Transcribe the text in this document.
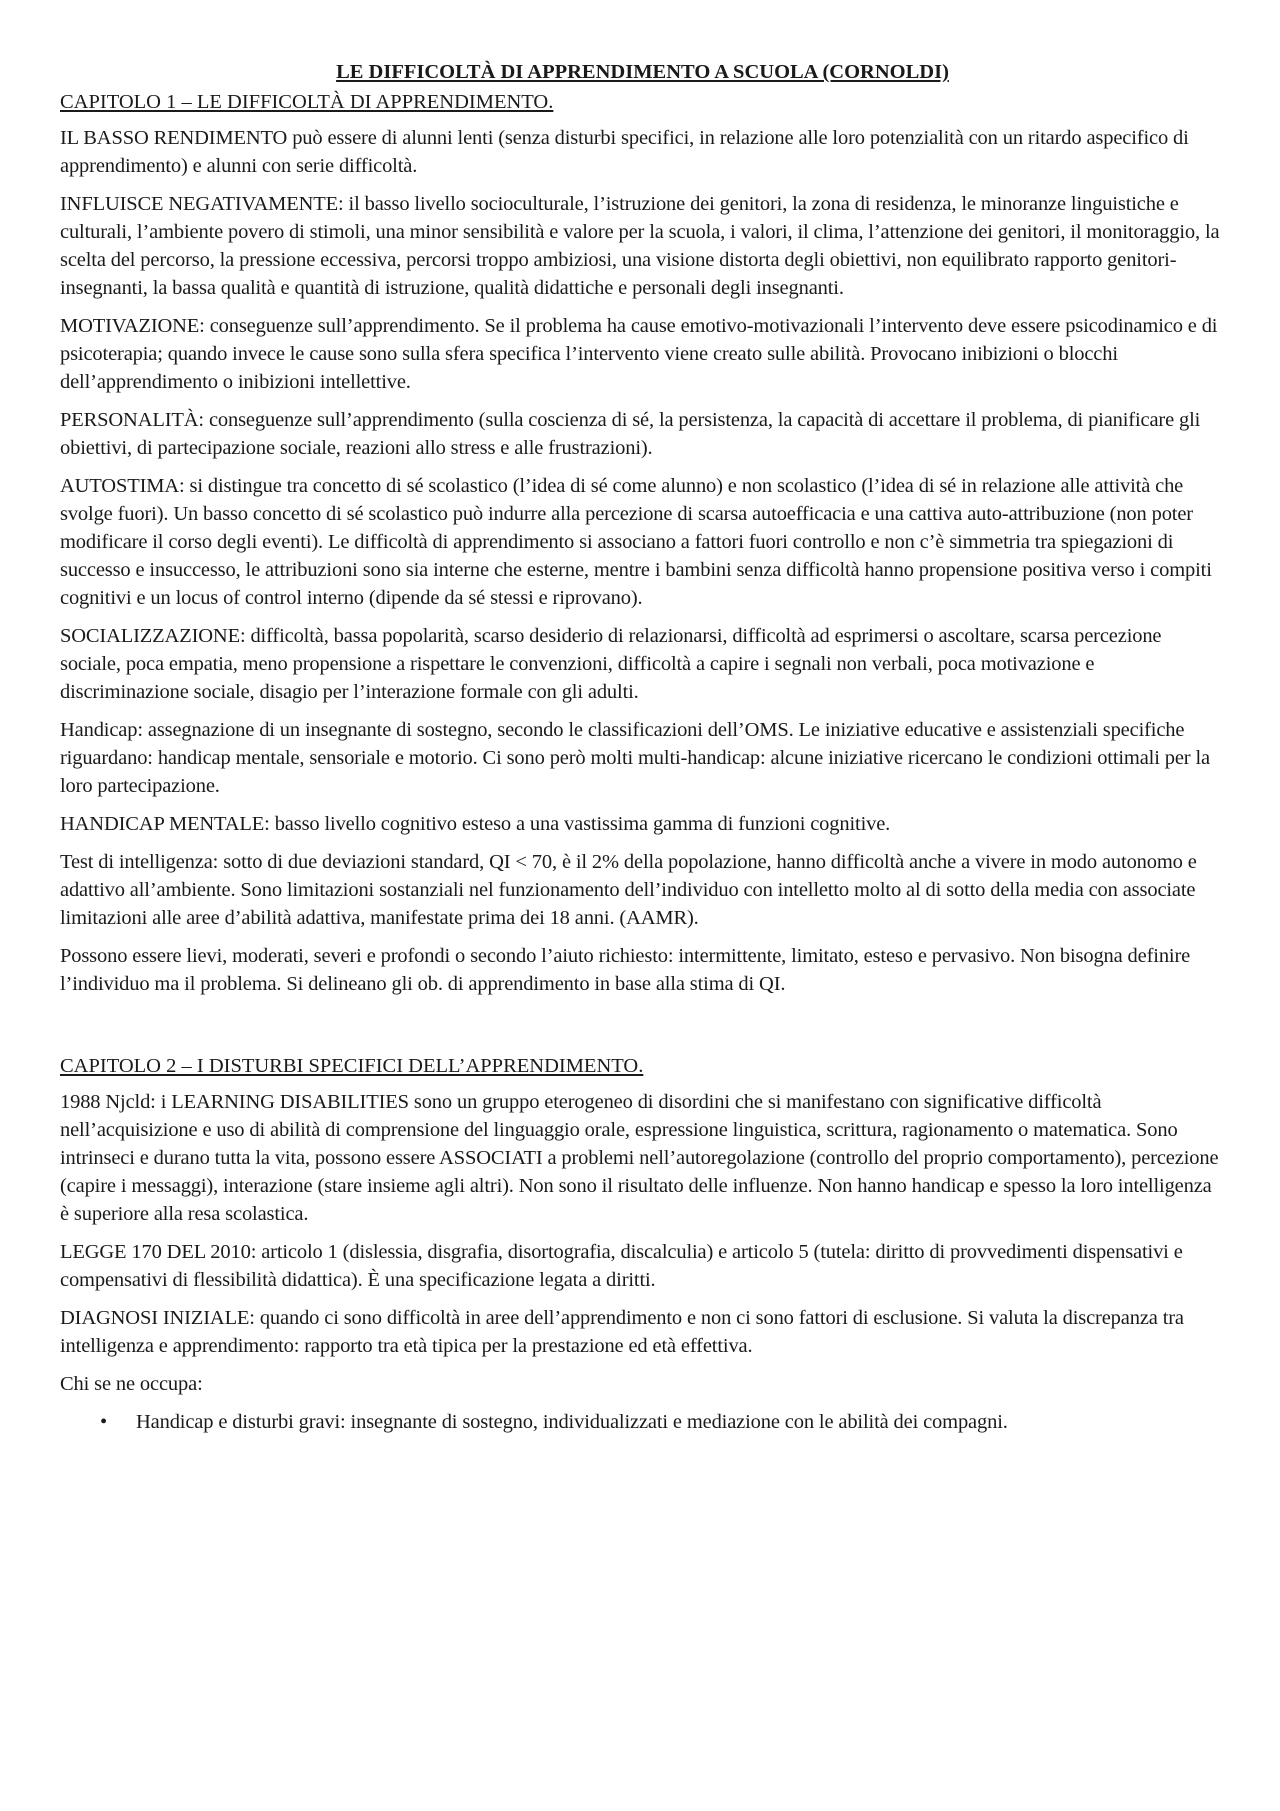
LE DIFFICOLTÀ DI APPRENDIMENTO A SCUOLA (CORNOLDI)
CAPITOLO 1 – LE DIFFICOLTÀ DI APPRENDIMENTO.

IL BASSO RENDIMENTO può essere di alunni lenti (senza disturbi specifici, in relazione alle loro potenzialità con un ritardo aspecifico di apprendimento) e alunni con serie difficoltà.

INFLUISCE NEGATIVAMENTE: il basso livello socioculturale, l’istruzione dei genitori, la zona di residenza, le minoranze linguistiche e culturali, l’ambiente povero di stimoli, una minor sensibilità e valore per la scuola, i valori, il clima, l’attenzione dei genitori, il monitoraggio, la scelta del percorso, la pressione eccessiva, percorsi troppo ambiziosi, una visione distorta degli obiettivi, non equilibrato rapporto genitori-insegnanti, la bassa qualità e quantità di istruzione, qualità didattiche e personali degli insegnanti.

MOTIVAZIONE: conseguenze sull’apprendimento. Se il problema ha cause emotivo-motivazionali l’intervento deve essere psicodinamico e di psicoterapia; quando invece le cause sono sulla sfera specifica l’intervento viene creato sulle abilità. Provocano inibizioni o blocchi dell’apprendimento o inibizioni intellettive.

PERSONALITÀ: conseguenze sull’apprendimento (sulla coscienza di sé, la persistenza, la capacità di accettare il problema, di pianificare gli obiettivi, di partecipazione sociale, reazioni allo stress e alle frustrazioni).

AUTOSTIMA: si distingue tra concetto di sé scolastico (l’idea di sé come alunno) e non scolastico (l’idea di sé in relazione alle attività che svolge fuori). Un basso concetto di sé scolastico può indurre alla percezione di scarsa autoefficacia e una cattiva auto-attribuzione (non poter modificare il corso degli eventi). Le difficoltà di apprendimento si associano a fattori fuori controllo e non c’è simmetria tra spiegazioni di successo e insuccesso, le attribuzioni sono sia interne che esterne, mentre i bambini senza difficoltà hanno propensione positiva verso i compiti cognitivi e un locus of control interno (dipende da sé stessi e riprovano).

SOCIALIZZAZIONE: difficoltà, bassa popolarità, scarso desiderio di relazionarsi, difficoltà ad esprimersi o ascoltare, scarsa percezione sociale, poca empatia, meno propensione a rispettare le convenzioni, difficoltà a capire i segnali non verbali, poca motivazione e discriminazione sociale, disagio per l’interazione formale con gli adulti.

Handicap: assegnazione di un insegnante di sostegno, secondo le classificazioni dell’OMS. Le iniziative educative e assistenziali specifiche riguardano: handicap mentale, sensoriale e motorio. Ci sono però molti multi-handicap: alcune iniziative ricercano le condizioni ottimali per la loro partecipazione.

HANDICAP MENTALE: basso livello cognitivo esteso a una vastissima gamma di funzioni cognitive.

Test di intelligenza: sotto di due deviazioni standard, QI < 70, è il 2% della popolazione, hanno difficoltà anche a vivere in modo autonomo e adattivo all’ambiente. Sono limitazioni sostanziali nel funzionamento dell’individuo con intelletto molto al di sotto della media con associate limitazioni alle aree d’abilità adattiva, manifestate prima dei 18 anni. (AAMR).

Possono essere lievi, moderati, severi e profondi o secondo l’aiuto richiesto: intermittente, limitato, esteso e pervasivo. Non bisogna definire l’individuo ma il problema. Si delineano gli ob. di apprendimento in base alla stima di QI.

CAPITOLO 2 – I DISTURBI SPECIFICI DELL’APPRENDIMENTO.

1988 Njcld: i LEARNING DISABILITIES sono un gruppo eterogeneo di disordini che si manifestano con significative difficoltà nell’acquisizione e uso di abilità di comprensione del linguaggio orale, espressione linguistica, scrittura, ragionamento o matematica. Sono intrinseci e durano tutta la vita, possono essere ASSOCIATI a problemi nell’autoregolazione (controllo del proprio comportamento), percezione (capire i messaggi), interazione (stare insieme agli altri). Non sono il risultato delle influenze. Non hanno handicap e spesso la loro intelligenza è superiore alla resa scolastica.

LEGGE 170 DEL 2010: articolo 1 (dislessia, disgrafia, disortografia, discalculia) e articolo 5 (tutela: diritto di provvedimenti dispensativi e compensativi di flessibilità didattica). È una specificazione legata a diritti.

DIAGNOSI INIZIALE: quando ci sono difficoltà in aree dell’apprendimento e non ci sono fattori di esclusione. Si valuta la discrepanza tra intelligenza e apprendimento: rapporto tra età tipica per la prestazione ed età effettiva.

Chi se ne occupa:

• Handicap e disturbi gravi: insegnante di sostegno, individualizzati e mediazione con le abilità dei compagni.
